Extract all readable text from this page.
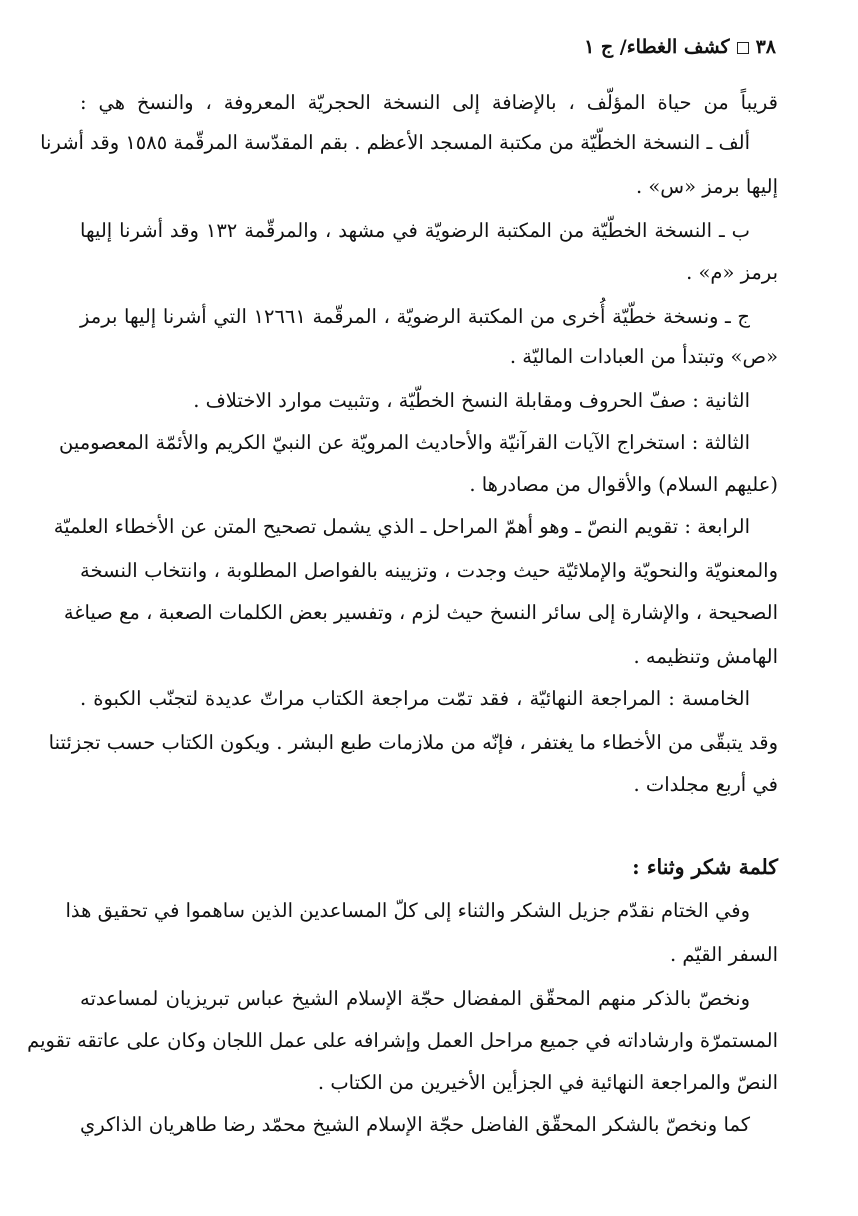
٣٨
كشف الغطاء/ ج ١
قريباً من حياة المؤلّف ، بالإضافة إلى النسخة الحجريّة المعروفة ، والنسخ هي :
ألف ـ النسخة الخطّيّة من مكتبة المسجد الأعظم . بقم المقدّسة المرقّمة ١٥٨٥ وقد أشرنا
إليها برمز «س» .
ب ـ النسخة الخطّيّة من المكتبة الرضويّة في مشهد ، والمرقّمة ١٣٢ وقد أشرنا إليها
برمز «م» .
ج ـ ونسخة خطّيّة أُخرى من المكتبة الرضويّة ، المرقّمة ١٢٦٦١ التي أشرنا إليها برمز
«ص» وتبتدأ من العبادات الماليّة .
الثانية : صفّ الحروف ومقابلة النسخ الخطّيّة ، وتثبيت موارد الاختلاف .
الثالثة : استخراج الآيات القرآنيّة والأحاديث المرويّة عن النبيّ الكريم والأئمّة المعصومين
(عليهم السلام) والأقوال من مصادرها .
الرابعة : تقويم النصّ ـ وهو أهمّ المراحل ـ الذي يشمل تصحيح المتن عن الأخطاء العلميّة
والمعنويّة والنحويّة والإملائيّة حيث وجدت ، وتزيينه بالفواصل المطلوبة ، وانتخاب النسخة
الصحيحة ، والإشارة إلى سائر النسخ حيث لزم ، وتفسير بعض الكلمات الصعبة ، مع صياغة
الهامش وتنظيمه .
الخامسة : المراجعة النهائيّة ، فقد تمّت مراجعة الكتاب مراتّ عديدة لتجنّب الكبوة .
وقد يتبقّى من الأخطاء ما يغتفر ، فإنّه من ملازمات طبع البشر . ويكون الكتاب حسب تجزئتنا
في أربع مجلدات .
كلمة شكر وثناء :
وفي الختام نقدّم جزيل الشكر والثناء إلى كلّ المساعدين الذين ساهموا في تحقيق هذا
السفر القيّم .
ونخصّ بالذكر منهم المحقّق المفضال حجّة الإسلام الشيخ عباس تبريزيان لمساعدته
المستمرّة وارشاداته في جميع مراحل العمل وإشرافه على عمل اللجان وكان على عاتقه تقويم
النصّ والمراجعة النهائية في الجزأين الأخيرين من الكتاب .
كما ونخصّ بالشكر المحقّق الفاضل حجّة الإسلام الشيخ محمّد رضا طاهريان الذاكري
